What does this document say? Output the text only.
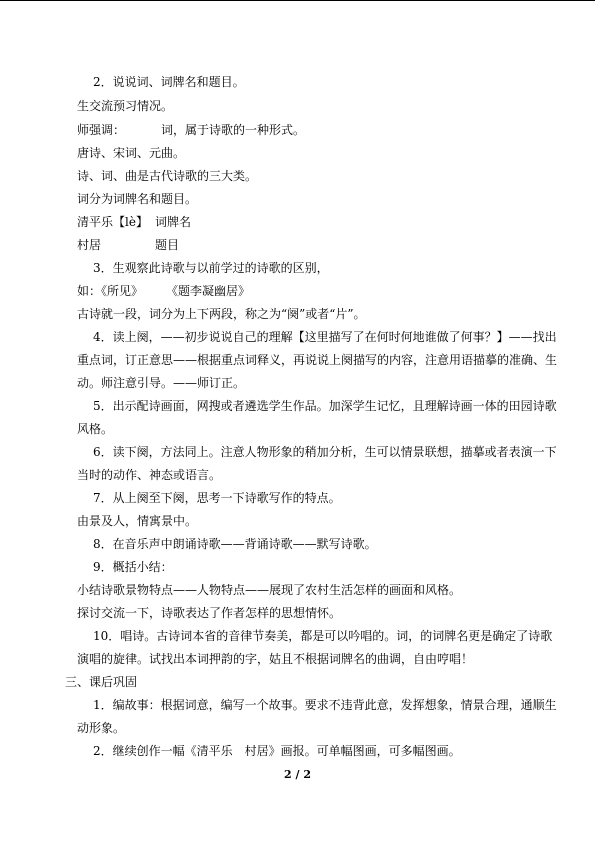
2．说说词、词牌名和题目。
生交流预习情况。
师强调：	词，属于诗歌的一种形式。
唐诗、宋词、元曲。
诗、词、曲是古代诗歌的三大类。
词分为词牌名和题目。
清平乐【lè】 词牌名
村居	题目
3．生观察此诗歌与以前学过的诗歌的区别，
如：《所见》 《题李凝幽居》
古诗就一段，词分为上下两段，称之为“阕”或者“片”。
4．读上阕，——初步说说自己的理解【这里描写了在何时何地谁做了何事？】——找出
重点词，订正意思——根据重点词释义，再说说上阕描写的内容，注意用语描摹的准确、生
动。师注意引导。——师订正。
5．出示配诗画面，网搜或者遴选学生作品。加深学生记忆，且理解诗画一体的田园诗歌
风格。
6．读下阕，方法同上。注意人物形象的稍加分析，生可以情景联想，描摹或者表演一下
当时的动作、神态或语言。
7．从上阕至下阕，思考一下诗歌写作的特点。
由景及人，情寓景中。
8．在音乐声中朗诵诗歌——背诵诗歌——默写诗歌。
9．概括小结：
小结诗歌景物特点——人物特点——展现了农村生活怎样的画面和风格。
探讨交流一下，诗歌表达了作者怎样的思想情怀。
10．唱诗。古诗词本省的音律节奏美，都是可以吟唱的。词，的词牌名更是确定了诗歌
演唱的旋律。试找出本词押韵的字，姑且不根据词牌名的曲调，自由哼唱！
三、课后巩固
1．编故事：根据词意，编写一个故事。要求不违背此意，发挥想象，情景合理，通顺生
动形象。
2．继续创作一幅《清平乐　村居》画报。可单幅图画，可多幅图画。
2 / 2
